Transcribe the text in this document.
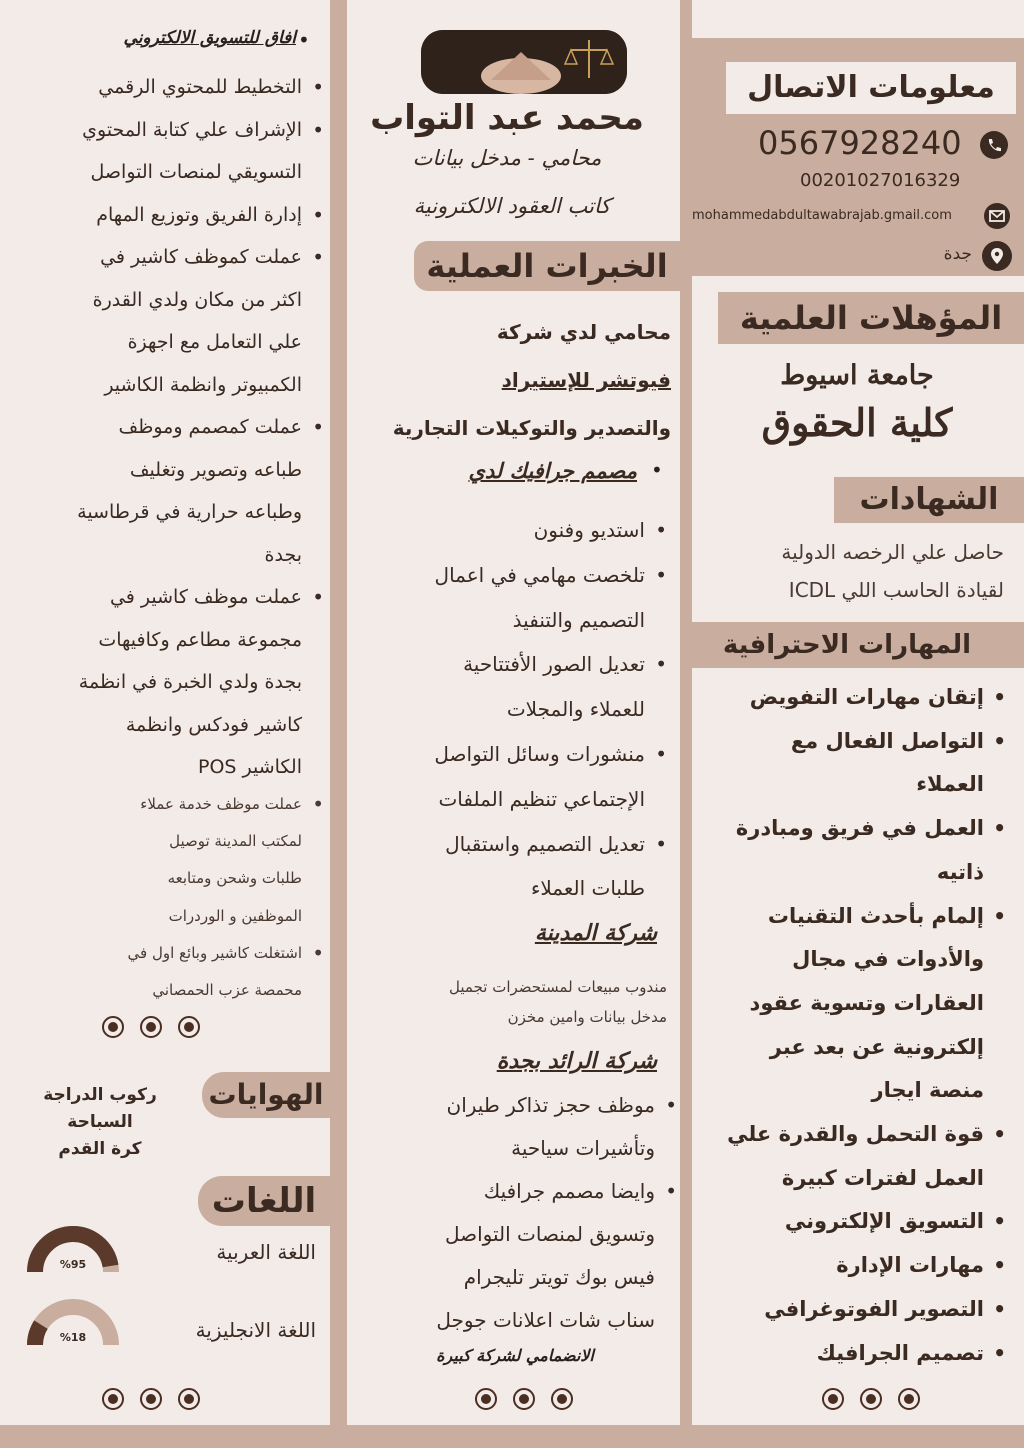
معلومات الاتصال
0567928240
00201027016329
mohammedabdultawabrajab.gmail.com
جدة
المؤهلات العلمية
جامعة اسيوط
كلية الحقوق
الشهادات
حاصل علي الرخصه الدولية
لقيادة الحاسب اللي ICDL
المهارات الاحترافية
• إتقان مهارات التفويض
• التواصل الفعال مع
العملاء
• العمل في فريق ومبادرة
ذاتيه
• إلمام بأحدث التقنيات
والأدوات في مجال
العقارات وتسوية عقود
إلكترونية عن بعد عبر
منصة ايجار
• قوة التحمل والقدرة علي
العمل لفترات كبيرة
• التسويق الإلكتروني
• مهارات الإدارة
• التصوير الفوتوغرافي
• تصميم الجرافيك
محمد عبد التواب
محامي - مدخل بيانات
كاتب العقود الالكترونية
الخبرات العملية
محامي لدي شركة
فيوتشر للإستيراد
والتصدير والتوكيلات التجارية
مصمم جرافيك لدي •
• استديو وفنون
• تلخصت مهامي في اعمال
التصميم والتنفيذ
• تعديل الصور الأفتتاحية
للعملاء والمجلات
• منشورات وسائل التواصل
الإجتماعي تنظيم الملفات
• تعديل التصميم واستقبال
طلبات العملاء
شركة المدينة
مندوب مبيعات لمستحضرات تجميل
مدخل بيانات وامين مخزن
شركة الرائد بجدة
• موظف حجز تذاكر طيران
وتأشيرات سياحية
• وايضا مصمم جرافيك
وتسويق لمنصات التواصل
فيس بوك تويتر تليجرام
سناب شات اعلانات جوجل
الانضمامي لشركة كبيرة
افاق للتسويق الالكتروني •
• التخطيط للمحتوي الرقمي
• الإشراف علي كتابة المحتوي
التسويقي لمنصات التواصل
• إدارة الفريق وتوزيع المهام
• عملت كموظف كاشير في
اكثر من مكان ولدي القدرة
علي التعامل مع اجهزة
الكمبيوتر وانظمة الكاشير
• عملت كمصمم وموظف
طباعه وتصوير وتغليف
وطباعه حرارية في قرطاسية
بجدة
• عملت موظف كاشير في
مجموعة مطاعم وكافيهات
بجدة ولدي الخبرة في انظمة
كاشير فودكس وانظمة
الكاشير POS
• عملت موظف خدمة عملاء
لمكتب المدينة توصيل
طلبات وشحن ومتابعه
الموظفين و الوردرات
• اشتغلت كاشير وبائع اول في
محمصة عزب الحمصاني
الهوايات
ركوب الدراجة
السباحة
كرة القدم
اللغات
اللغة العربية
%95
اللغة الانجليزية
%18
